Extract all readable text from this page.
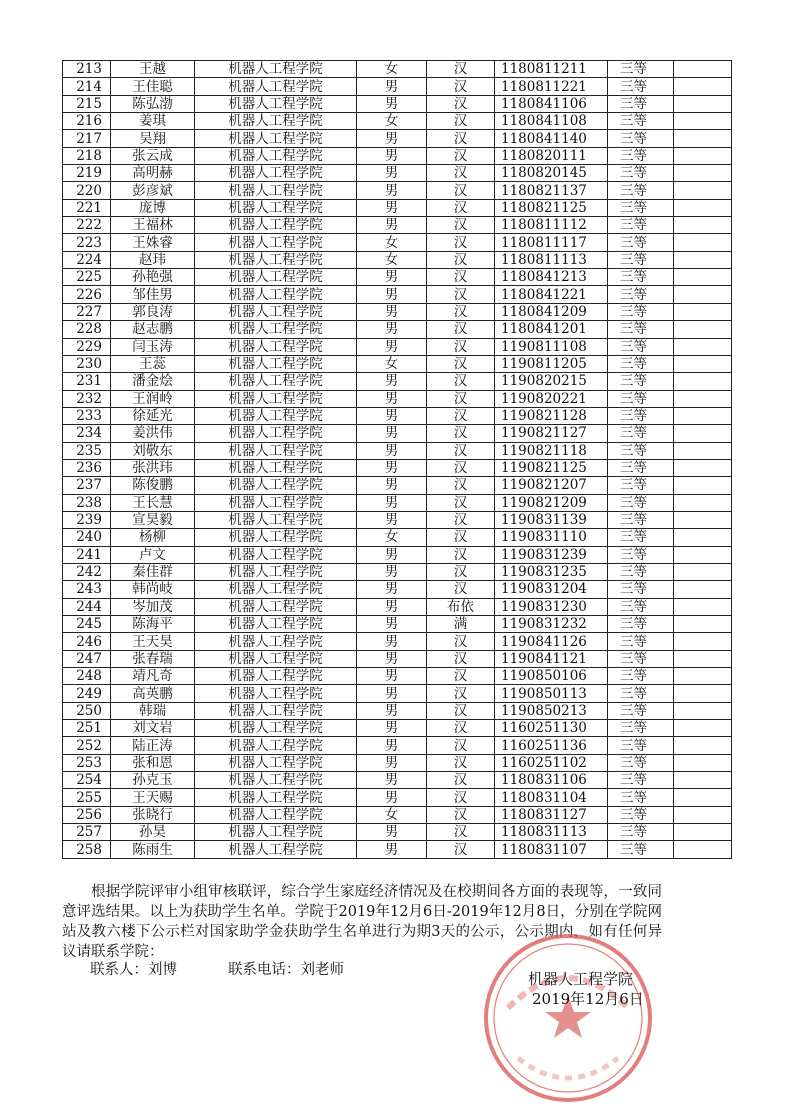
213	王越	机器人工程学院	女	汉	1180811211	三等	
214	王佳聪	机器人工程学院	男	汉	1180811221	三等	
215	陈弘渤	机器人工程学院	男	汉	1180841106	三等	
216	姜琪	机器人工程学院	女	汉	1180841108	三等	
217	吴翔	机器人工程学院	男	汉	1180841140	三等	
218	张云成	机器人工程学院	男	汉	1180820111	三等	
219	高明赫	机器人工程学院	男	汉	1180820145	三等	
220	彭彦斌	机器人工程学院	男	汉	1180821137	三等	
221	庞博	机器人工程学院	男	汉	1180821125	三等	
222	王福林	机器人工程学院	男	汉	1180811112	三等	
223	王姝睿	机器人工程学院	女	汉	1180811117	三等	
224	赵玮	机器人工程学院	女	汉	1180811113	三等	
225	孙艳强	机器人工程学院	男	汉	1180841213	三等	
226	邹佳男	机器人工程学院	男	汉	1180841221	三等	
227	郭良涛	机器人工程学院	男	汉	1180841209	三等	
228	赵志鹏	机器人工程学院	男	汉	1180841201	三等	
229	闫玉涛	机器人工程学院	男	汉	1190811108	三等	
230	王蕊	机器人工程学院	女	汉	1190811205	三等	
231	潘金烩	机器人工程学院	男	汉	1190820215	三等	
232	王润岭	机器人工程学院	男	汉	1190820221	三等	
233	徐延光	机器人工程学院	男	汉	1190821128	三等	
234	姜洪伟	机器人工程学院	男	汉	1190821127	三等	
235	刘敬东	机器人工程学院	男	汉	1190821118	三等	
236	张洪玮	机器人工程学院	男	汉	1190821125	三等	
237	陈俊鹏	机器人工程学院	男	汉	1190821207	三等	
238	王长慧	机器人工程学院	男	汉	1190821209	三等	
239	宣昊毅	机器人工程学院	男	汉	1190831139	三等	
240	杨柳	机器人工程学院	女	汉	1190831110	三等	
241	卢文	机器人工程学院	男	汉	1190831239	三等	
242	秦佳群	机器人工程学院	男	汉	1190831235	三等	
243	韩尚岐	机器人工程学院	男	汉	1190831204	三等	
244	岑加茂	机器人工程学院	男	布依	1190831230	三等	
245	陈海平	机器人工程学院	男	满	1190831232	三等	
246	王天昊	机器人工程学院	男	汉	1190841126	三等	
247	张春瑞	机器人工程学院	男	汉	1190841121	三等	
248	靖凡奇	机器人工程学院	男	汉	1190850106	三等	
249	高英鹏	机器人工程学院	男	汉	1190850113	三等	
250	韩瑞	机器人工程学院	男	汉	1190850213	三等	
251	刘文岩	机器人工程学院	男	汉	1160251130	三等	
252	陆正涛	机器人工程学院	男	汉	1160251136	三等	
253	张和恩	机器人工程学院	男	汉	1160251102	三等	
254	孙克玉	机器人工程学院	男	汉	1180831106	三等	
255	王天赐	机器人工程学院	男	汉	1180831104	三等	
256	张晓行	机器人工程学院	女	汉	1180831127	三等	
257	孙昊	机器人工程学院	男	汉	1180831113	三等	
258	陈雨生	机器人工程学院	男	汉	1180831107	三等	
根据学院评审小组审核联评，综合学生家庭经济情况及在校期间各方面的表现等，一致同意评选结果。以上为获助学生名单。学院于2019年12月6日-2019年12月8日，分别在学院网站及教六楼下公示栏对国家助学金获助学生名单进行为期3天的公示，公示期内，如有任何异议请联系学院：
联系人：刘博	联系电话：刘老师	机器人工程学院
2019年12月6日
